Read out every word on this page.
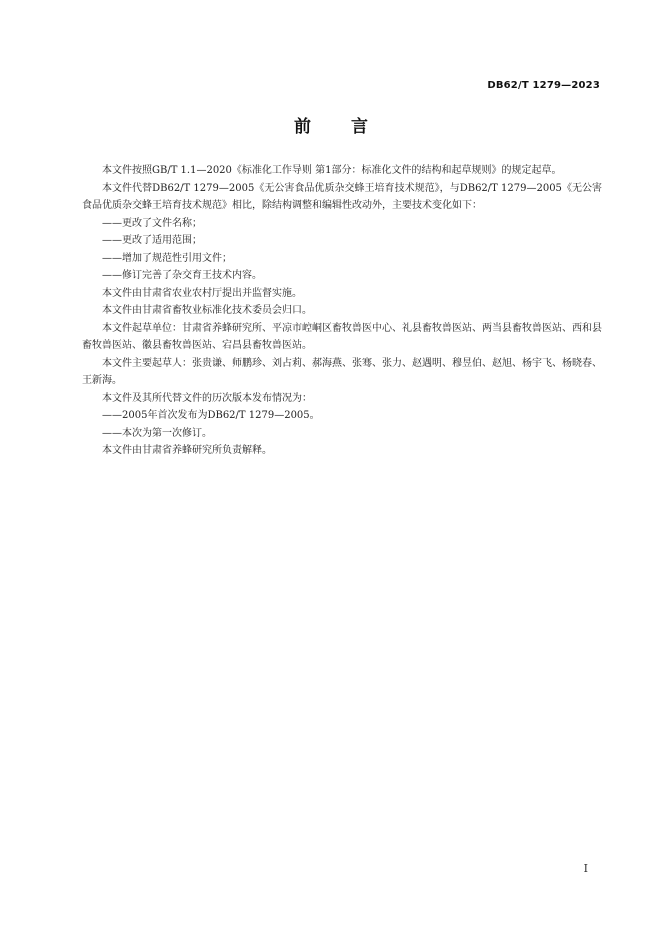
DB62/T 1279—2023
前言

本文件按照GB/T 1.1—2020《标准化工作导则 第1部分：标准化文件的结构和起草规则》的规定起草。

本文件代替DB62/T 1279—2005《无公害食品优质杂交蜂王培育技术规范》，与DB62/T 1279—2005《无公害食品优质杂交蜂王培育技术规范》相比，除结构调整和编辑性改动外，主要技术变化如下：

——更改了文件名称；

——更改了适用范围；

——增加了规范性引用文件；

——修订完善了杂交育王技术内容。

本文件由甘肃省农业农村厅提出并监督实施。

本文件由甘肃省畜牧业标准化技术委员会归口。

本文件起草单位：甘肃省养蜂研究所、平凉市崆峒区畜牧兽医中心、礼县畜牧兽医站、两当县畜牧兽医站、西和县畜牧兽医站、徽县畜牧兽医站、宕昌县畜牧兽医站。

本文件主要起草人：张贵谦、师鹏珍、刘占莉、郝海燕、张骞、张力、赵遇明、穆昱伯、赵旭、杨宇飞、杨晓春、王新海。

本文件及其所代替文件的历次版本发布情况为：

——2005年首次发布为DB62/T 1279—2005。

——本次为第一次修订。

本文件由甘肃省养蜂研究所负责解释。

I
